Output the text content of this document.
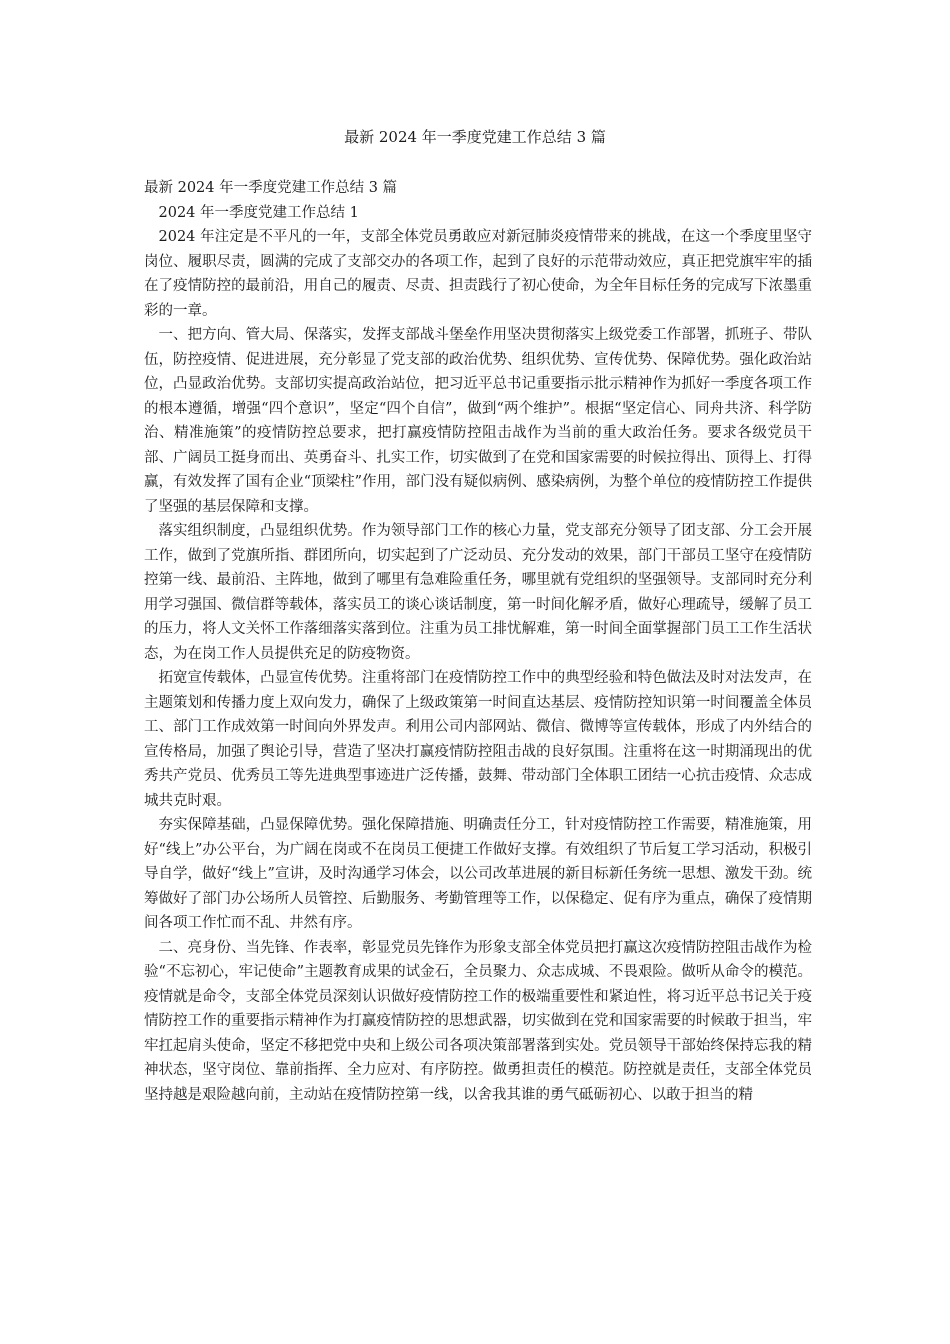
最新 2024 年一季度党建工作总结 3 篇

最新 2024 年一季度党建工作总结 3 篇

2024 年一季度党建工作总结 1

2024 年注定是不平凡的一年，支部全体党员勇敢应对新冠肺炎疫情带来的挑战，在这一个季度里坚守岗位、履职尽责，圆满的完成了支部交办的各项工作，起到了良好的示范带动效应，真正把党旗牢牢的插在了疫情防控的最前沿，用自己的履责、尽责、担责践行了初心使命，为全年目标任务的完成写下浓墨重彩的一章。

一、把方向、管大局、保落实，发挥支部战斗堡垒作用坚决贯彻落实上级党委工作部署，抓班子、带队伍，防控疫情、促进进展，充分彰显了党支部的政治优势、组织优势、宣传优势、保障优势。强化政治站位，凸显政治优势。支部切实提高政治站位，把习近平总书记重要指示批示精神作为抓好一季度各项工作的根本遵循，增强“四个意识”，坚定“四个自信”，做到“两个维护”。根据“坚定信心、同舟共济、科学防治、精准施策”的疫情防控总要求，把打赢疫情防控阻击战作为当前的重大政治任务。要求各级党员干部、广阔员工挺身而出、英勇奋斗、扎实工作，切实做到了在党和国家需要的时候拉得出、顶得上、打得赢，有效发挥了国有企业“顶梁柱”作用，部门没有疑似病例、感染病例，为整个单位的疫情防控工作提供了坚强的基层保障和支撑。

落实组织制度，凸显组织优势。作为领导部门工作的核心力量，党支部充分领导了团支部、分工会开展工作，做到了党旗所指、群团所向，切实起到了广泛动员、充分发动的效果，部门干部员工坚守在疫情防控第一线、最前沿、主阵地，做到了哪里有急难险重任务，哪里就有党组织的坚强领导。支部同时充分利用学习强国、微信群等载体，落实员工的谈心谈话制度，第一时间化解矛盾，做好心理疏导，缓解了员工的压力，将人文关怀工作落细落实落到位。注重为员工排忧解难，第一时间全面掌握部门员工工作生活状态，为在岗工作人员提供充足的防疫物资。

拓宽宣传载体，凸显宣传优势。注重将部门在疫情防控工作中的典型经验和特色做法及时对法发声，在主题策划和传播力度上双向发力，确保了上级政策第一时间直达基层、疫情防控知识第一时间覆盖全体员工、部门工作成效第一时间向外界发声。利用公司内部网站、微信、微博等宣传载体，形成了内外结合的宣传格局，加强了舆论引导，营造了坚决打赢疫情防控阻击战的良好氛围。注重将在这一时期涌现出的优秀共产党员、优秀员工等先进典型事迹进广泛传播，鼓舞、带动部门全体职工团结一心抗击疫情、众志成城共克时艰。

夯实保障基础，凸显保障优势。强化保障措施、明确责任分工，针对疫情防控工作需要，精准施策，用好“线上”办公平台，为广阔在岗或不在岗员工便捷工作做好支撑。有效组织了节后复工学习活动，积极引导自学，做好“线上”宣讲，及时沟通学习体会，以公司改革进展的新目标新任务统一思想、激发干劲。统筹做好了部门办公场所人员管控、后勤服务、考勤管理等工作，以保稳定、促有序为重点，确保了疫情期间各项工作忙而不乱、井然有序。

二、亮身份、当先锋、作表率，彰显党员先锋作为形象支部全体党员把打赢这次疫情防控阻击战作为检验“不忘初心，牢记使命”主题教育成果的试金石，全员聚力、众志成城、不畏艰险。做听从命令的模范。疫情就是命令，支部全体党员深刻认识做好疫情防控工作的极端重要性和紧迫性，将习近平总书记关于疫情防控工作的重要指示精神作为打赢疫情防控的思想武器，切实做到在党和国家需要的时候敢于担当，牢牢扛起肩头使命，坚定不移把党中央和上级公司各项决策部署落到实处。党员领导干部始终保持忘我的精神状态，坚守岗位、靠前指挥、全力应对、有序防控。做勇担责任的模范。防控就是责任，支部全体党员坚持越是艰险越向前，主动站在疫情防控第一线，以舍我其谁的勇气砥砺初心、以敢于担当的精
